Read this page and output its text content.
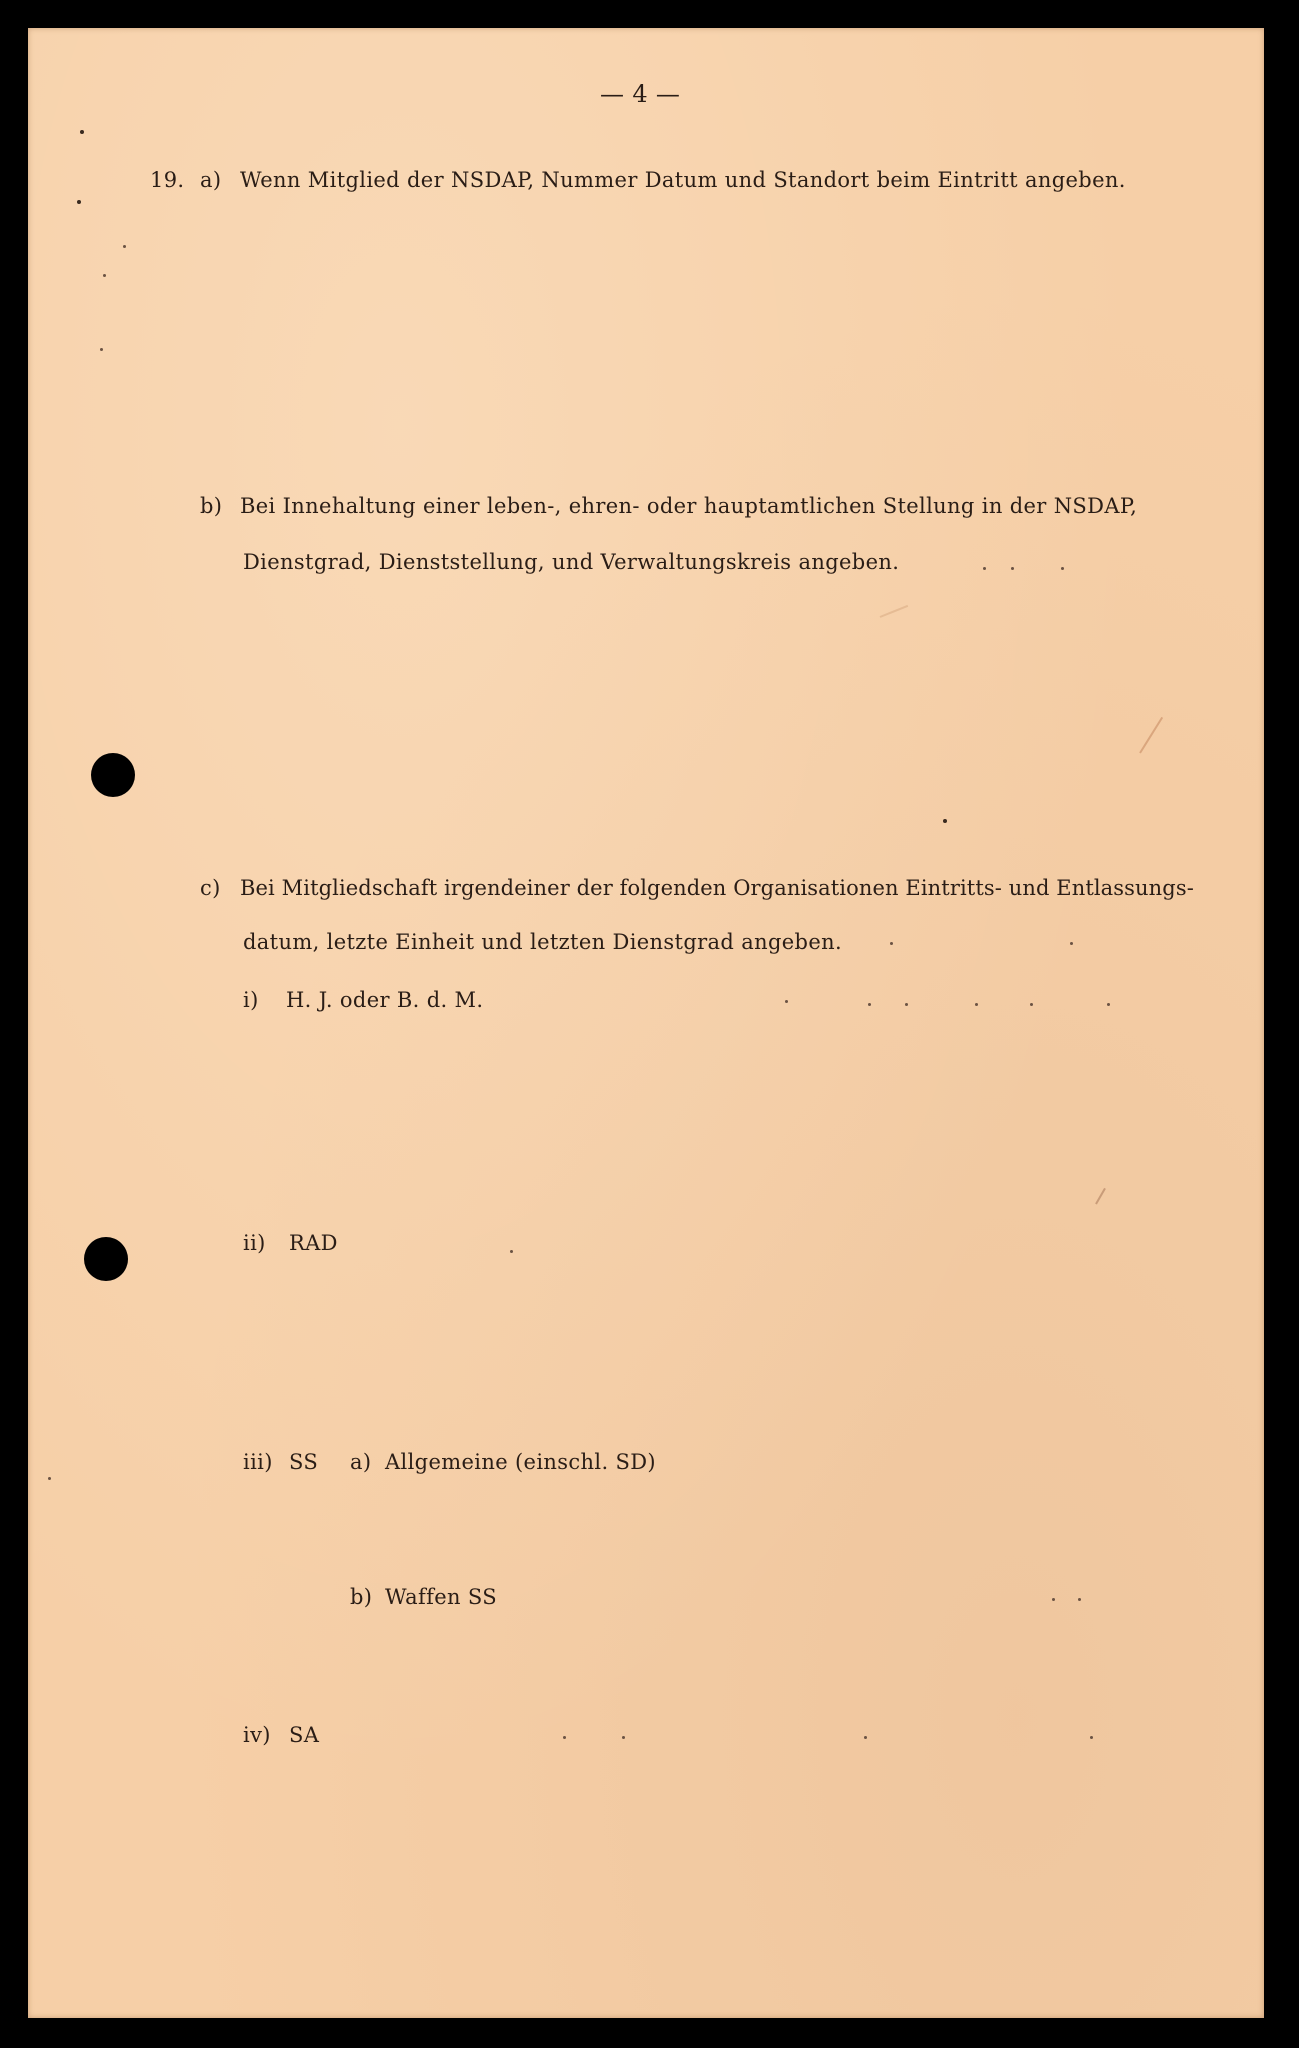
— 4 —
19. a) Wenn Mitglied der NSDAP, Nummer Datum und Standort beim Eintritt angeben.
b) Bei Innehaltung einer leben-, ehren- oder hauptamtlichen Stellung in der NSDAP,
Dienstgrad, Dienststellung, und Verwaltungskreis angeben.
c) Bei Mitgliedschaft irgendeiner der folgenden Organisationen Eintritts- und Entlassungs-
datum, letzte Einheit und letzten Dienstgrad angeben.
i) H. J. oder B. d. M.
ii) RAD
iii) SS a) Allgemeine (einschl. SD)
b) Waffen SS
iv) SA
